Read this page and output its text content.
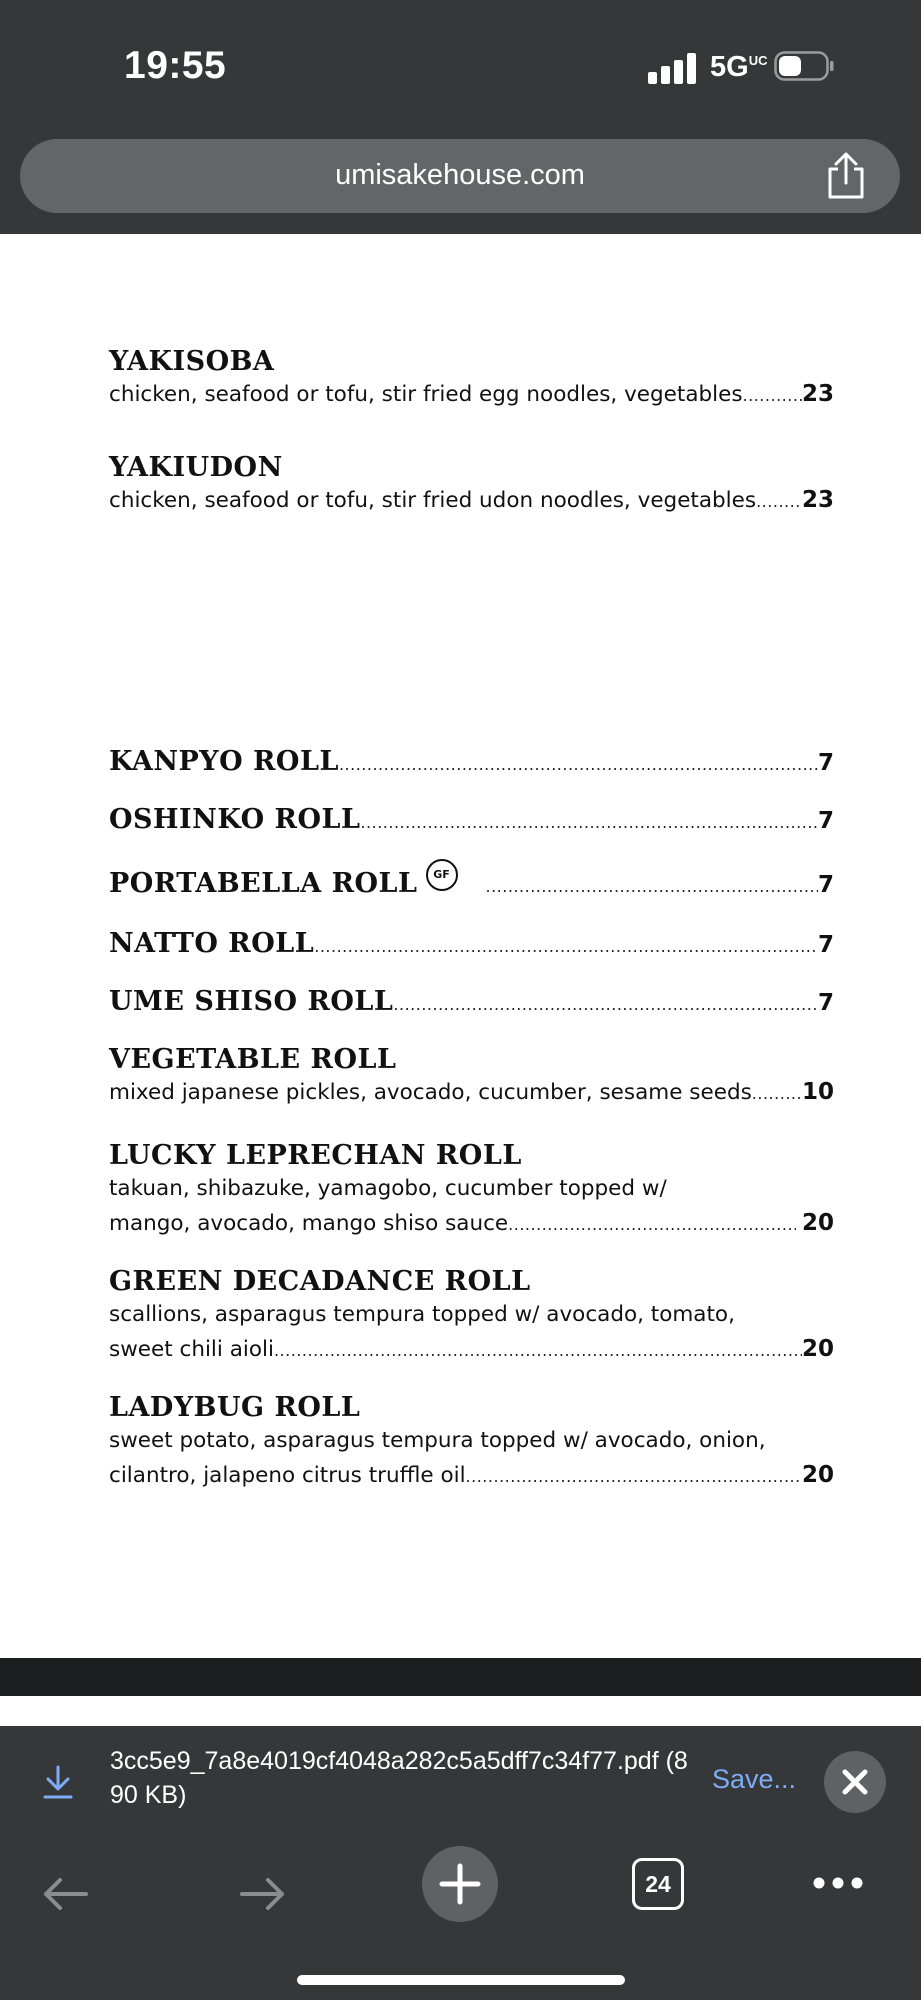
19:55	5GUC
umisakehouse.com
YAKISOBA
chicken, seafood or tofu, stir fried egg noodles, vegetables .....	23
YAKIUDON
chicken, seafood or tofu, stir fried udon noodles, vegetables ..... 23
KANPYO ROLL .....	7
OSHINKO ROLL .....	7
PORTABELLA ROLL	GF .....	7
NATTO ROLL .....	7
UME SHISO ROLL .....	7
VEGETABLE ROLL
mixed japanese pickles, avocado, cucumber, sesame seeds ..... 10
LUCKY LEPRECHAN ROLL
takuan, shibazuke, yamagobo, cucumber topped w/
mango, avocado, mango shiso sauce .....	20
GREEN DECADANCE ROLL
scallions, asparagus tempura topped w/ avocado, tomato,
sweet chili aioli .....	20
LADYBUG ROLL
sweet potato, asparagus tempura topped w/ avocado, onion,
cilantro, jalapeno citrus truffle oil .....	20
3cc5e9_7a8e4019cf4048a282c5a5dff7c34f77.pdf (890 KB)
Save...
24
